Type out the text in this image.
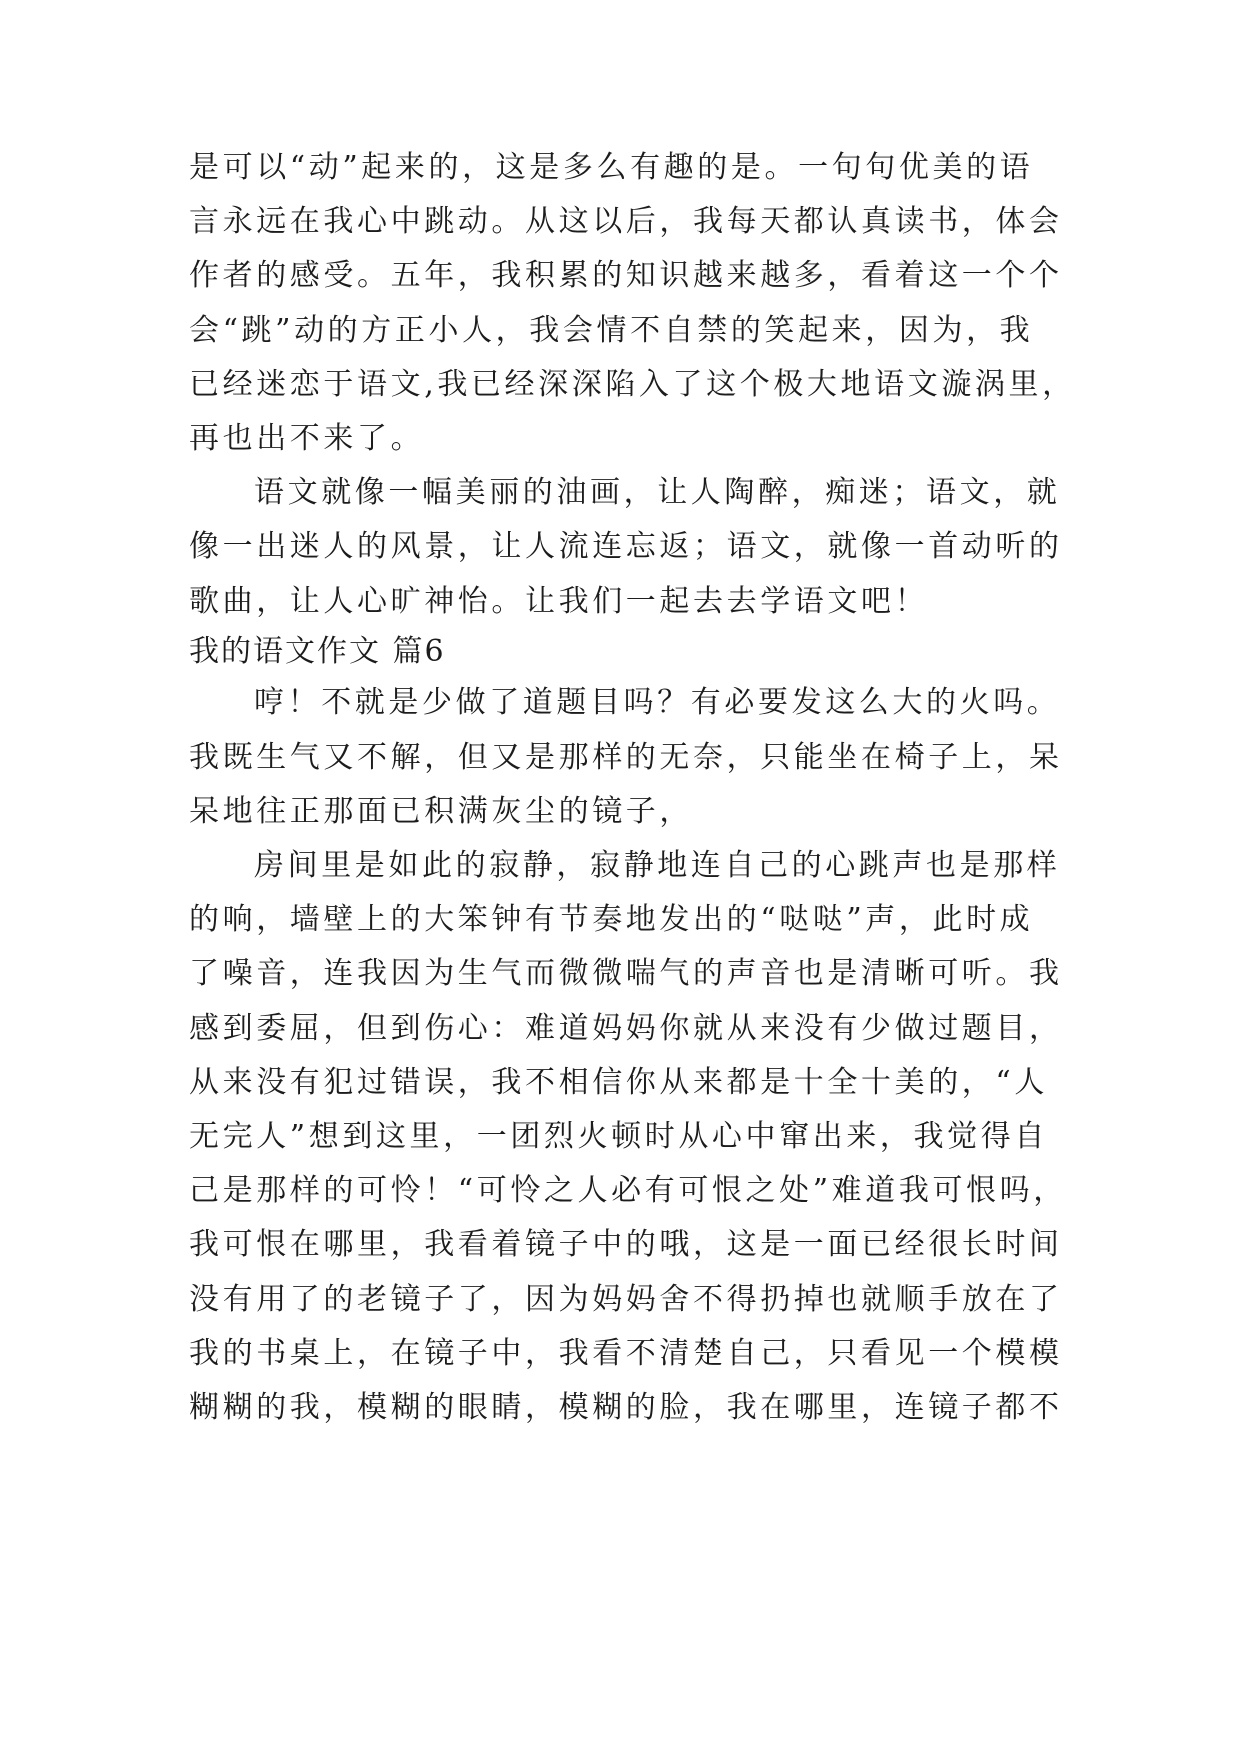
是可以“动”起来的，这是多么有趣的是。一句句优美的语
言永远在我心中跳动。从这以后，我每天都认真读书，体会
作者的感受。五年，我积累的知识越来越多，看着这一个个
会“跳”动的方正小人，我会情不自禁的笑起来，因为，我
已经迷恋于语文,我已经深深陷入了这个极大地语文漩涡里，
再也出不来了。
语文就像一幅美丽的油画，让人陶醉，痴迷；语文，就
像一出迷人的风景，让人流连忘返；语文，就像一首动听的
歌曲，让人心旷神怡。让我们一起去去学语文吧！
我的语文作文 篇6
哼！不就是少做了道题目吗？有必要发这么大的火吗。
我既生气又不解，但又是那样的无奈，只能坐在椅子上，呆
呆地往正那面已积满灰尘的镜子，
房间里是如此的寂静，寂静地连自己的心跳声也是那样
的响，墙壁上的大笨钟有节奏地发出的“哒哒”声，此时成
了噪音，连我因为生气而微微喘气的声音也是清晰可听。我
感到委屈，但到伤心：难道妈妈你就从来没有少做过题目，
从来没有犯过错误，我不相信你从来都是十全十美的，“人
无完人”想到这里，一团烈火顿时从心中窜出来，我觉得自
己是那样的可怜！“可怜之人必有可恨之处”难道我可恨吗，
我可恨在哪里，我看着镜子中的哦，这是一面已经很长时间
没有用了的老镜子了，因为妈妈舍不得扔掉也就顺手放在了
我的书桌上，在镜子中，我看不清楚自己，只看见一个模模
糊糊的我，模糊的眼睛，模糊的脸，我在哪里，连镜子都不
